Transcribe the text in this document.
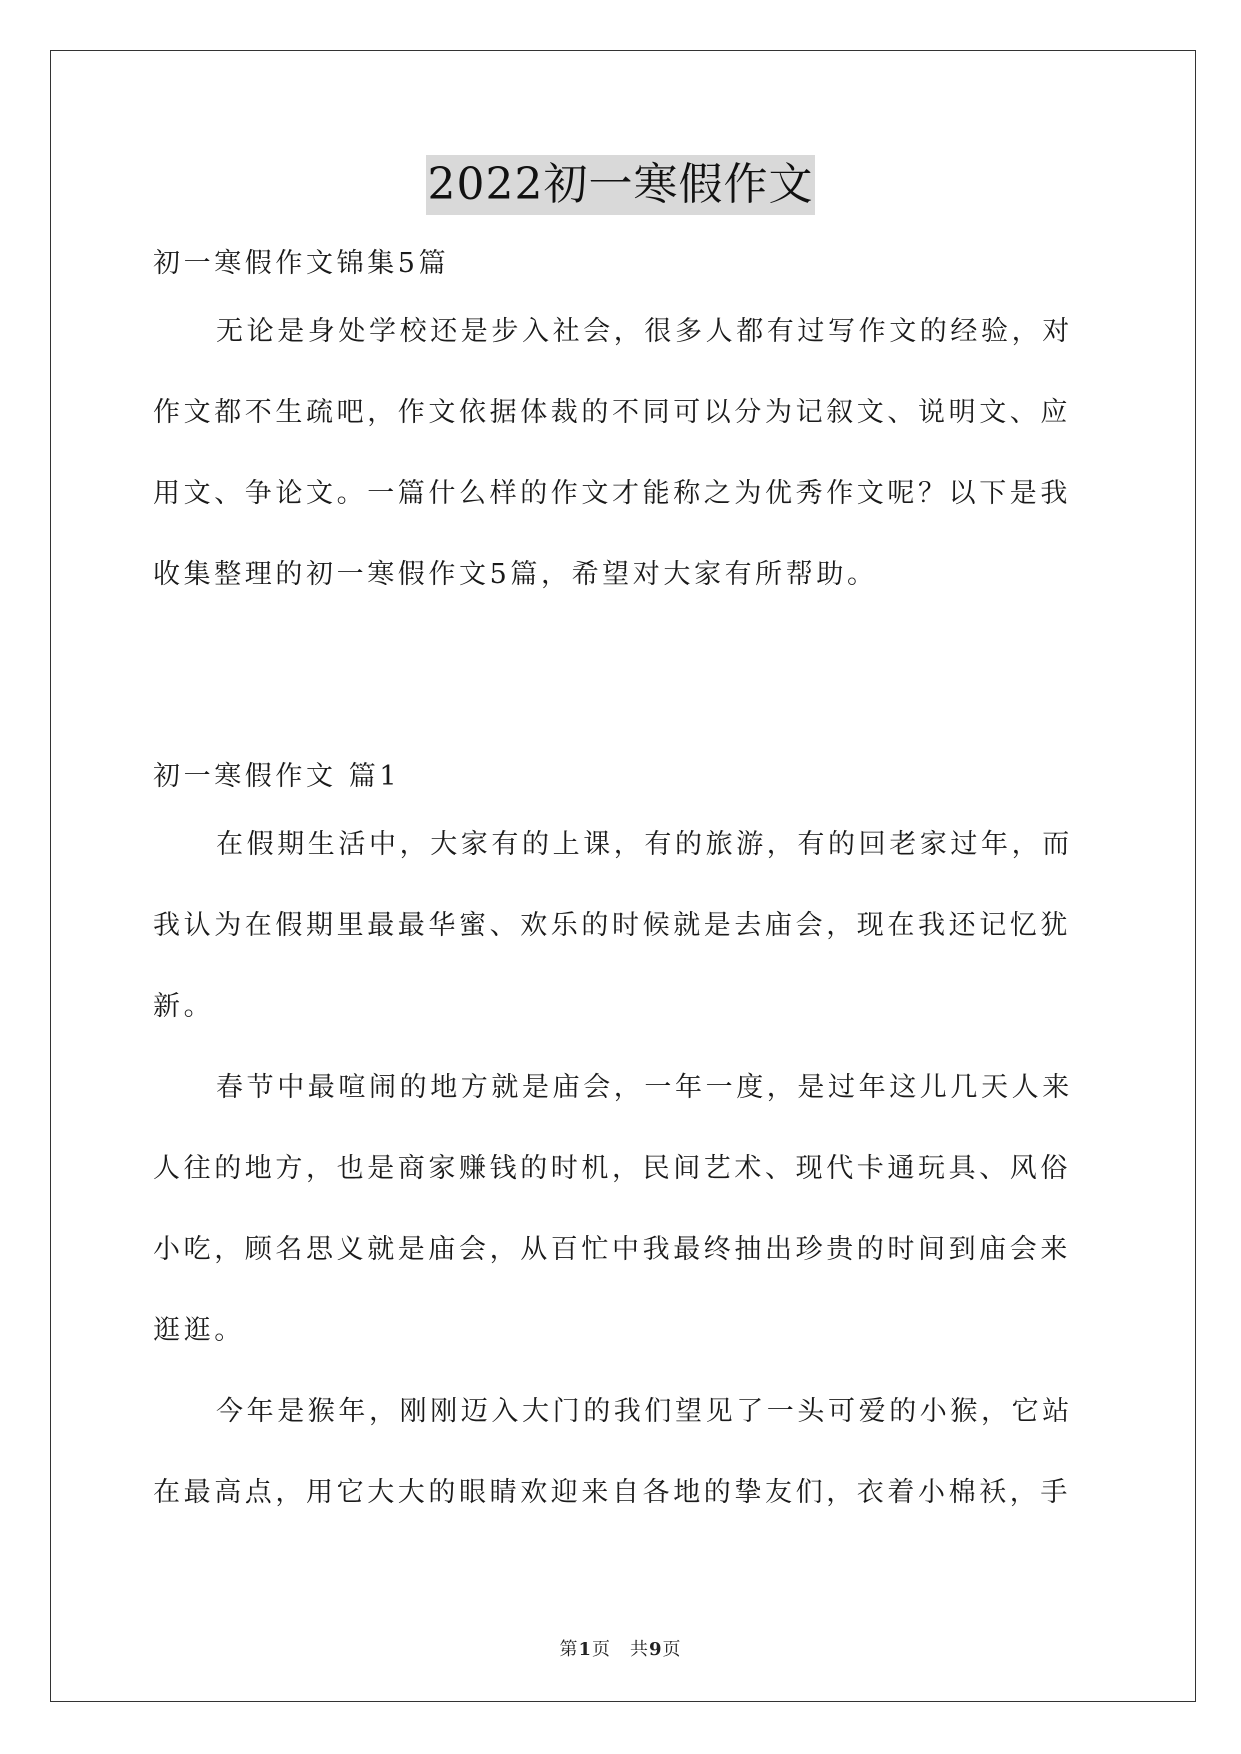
2022初一寒假作文
初一寒假作文锦集5篇
无论是身处学校还是步入社会，很多人都有过写作文的经验，对
作文都不生疏吧，作文依据体裁的不同可以分为记叙文、说明文、应
用文、争论文。一篇什么样的作文才能称之为优秀作文呢？以下是我
收集整理的初一寒假作文5篇，希望对大家有所帮助。
初一寒假作文 篇1
在假期生活中，大家有的上课，有的旅游，有的回老家过年，而
我认为在假期里最最华蜜、欢乐的时候就是去庙会，现在我还记忆犹
新。
春节中最喧闹的地方就是庙会，一年一度，是过年这儿几天人来
人往的地方，也是商家赚钱的时机，民间艺术、现代卡通玩具、风俗
小吃，顾名思义就是庙会，从百忙中我最终抽出珍贵的时间到庙会来
逛逛。
今年是猴年，刚刚迈入大门的我们望见了一头可爱的小猴，它站
在最高点，用它大大的眼睛欢迎来自各地的挚友们，衣着小棉袄，手
第1页　共9页
